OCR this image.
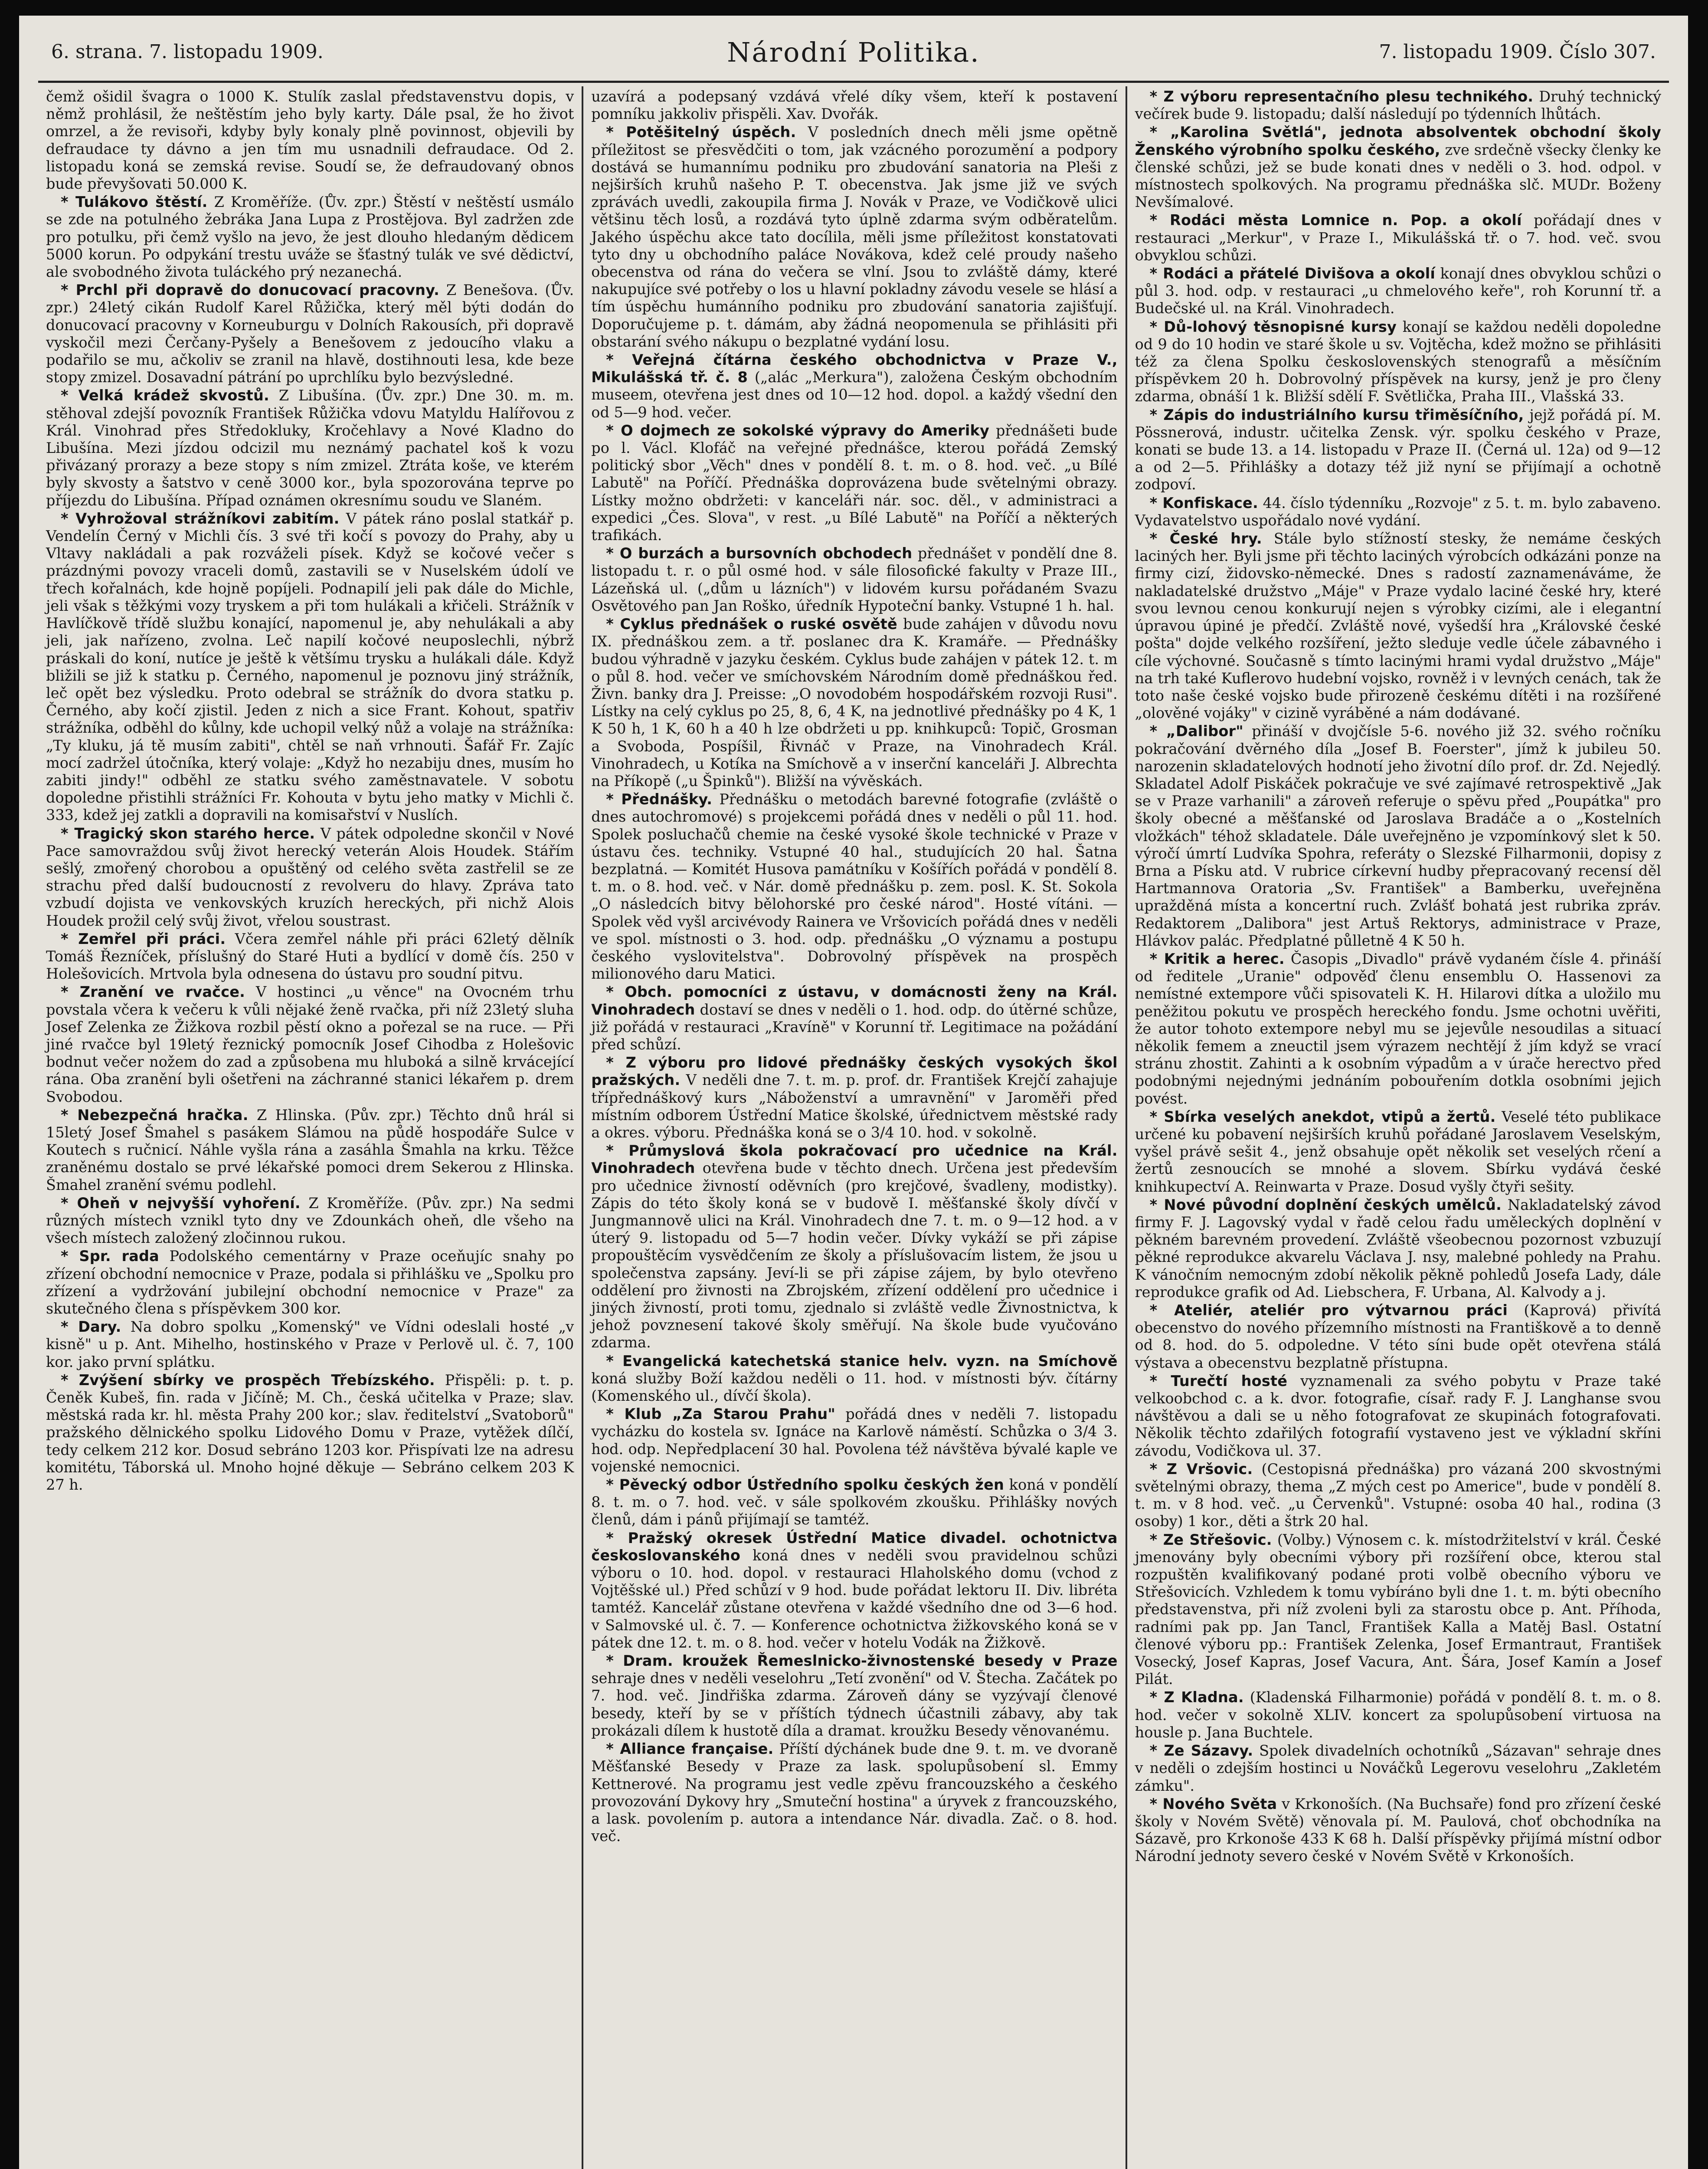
6. strana. 7. listopadu 1909.	Národní Politika.	7. listopadu 1909. Číslo 307.

čemž ošidil švagra o 1000 K. Stulík zaslal představenstvu dopis, v němž prohlásil, že neštěstím jeho byly karty. Dále psal, že ho život omrzel, a že revisoři, kdyby byly konaly plně povinnost, objevili by defraudace ty dávno a jen tím mu usnadnili defraudace. Od 2. listopadu koná se zemská revise. Soudí se, že defraudovaný obnos bude převyšovati 50.000 K.

* Tulákovo štěstí. Z Kroměříže. (Ův. zpr.) Štěstí v neštěstí usmálo se zde na potulného žebráka Jana Lupa z Prostějova. Byl zadržen zde pro potulku, při čemž vyšlo na jevo, že jest dlouho hledaným dědicem 5000 korun. Po odpykání trestu uváže se šťastný tulák ve své dědictví, ale svobodného života tuláckého prý nezanechá.

* Prchl při dopravě do donucovací pracovny. Z Benešova. (Ův. zpr.) 24letý cikán Rudolf Karel Růžička, který měl býti dodán do donucovací pracovny v Korneuburgu v Dolních Rakousích, při dopravě vyskočil mezi Čerčany-Pyšely a Benešovem z jedoucího vlaku a podařilo se mu, ačkoliv se zranil na hlavě, dostihnouti lesa, kde beze stopy zmizel. Dosavadní pátrání po uprchlíku bylo bezvýsledné.

* Velká krádež skvostů. Z Libušína. (Ův. zpr.) Dne 30. m. m. stěhoval zdejší povozník František Růžička vdovu Matyldu Halířovou z Král. Vinohrad přes Středokluky, Kročehlavy a Nové Kladno do Libušína. Mezi jízdou odcizil mu neznámý pachatel koš k vozu přivázaný prorazy a beze stopy s ním zmizel. Ztráta koše, ve kterém byly skvosty a šatstvo v ceně 3000 kor., byla spozorována teprve po příjezdu do Libušína. Případ oznámen okresnímu soudu ve Slaném.

* Vyhrožoval strážníkovi zabitím. V pátek ráno poslal statkář p. Vendelín Černý v Michli čís. 3 své tři kočí s povozy do Prahy, aby u Vltavy nakládali a pak rozváželi písek. Když se kočové večer s prázdnými povozy vraceli domů, zastavili se v Nuselském údolí ve třech kořalnách, kde hojně popíjeli. Podnapilí jeli pak dále do Michle, jeli však s těžkými vozy tryskem a při tom hulákali a křičeli. Strážník v Havlíčkově třídě službu konající, napomenul je, aby nehulákali a aby jeli, jak nařízeno, zvolna. Leč napilí kočové neuposlechli, nýbrž práskali do koní, nutíce je ještě k většímu trysku a hulákali dále. Když bližili se již k statku p. Černého, napomenul je poznovu jiný strážník, leč opět bez výsledku. Proto odebral se strážník do dvora statku p. Černého, aby kočí zjistil. Jeden z nich a sice Frant. Kohout, spatřiv strážníka, odběhl do kůlny, kde uchopil velký nůž a volaje na strážníka: „Ty kluku, já tě musím zabiti", chtěl se naň vrhnouti. Šafář Fr. Zajíc mocí zadržel útočníka, který volaje: „Když ho nezabiju dnes, musím ho zabiti jindy!" odběhl ze statku svého zaměstnavatele. V sobotu dopoledne přistihli strážníci Fr. Kohouta v bytu jeho matky v Michli č. 333, kdež jej zatkli a dopravili na komisařství v Nuslích.

* Tragický skon starého herce. V pátek odpoledne skončil v Nové Pace samovraždou svůj život herecký veterán Alois Houdek. Stářím sešlý, zmořený chorobou a opuštěný od celého světa zastřelil se ze strachu před další budoucností z revolveru do hlavy. Zpráva tato vzbudí dojista ve venkovských kruzích hereckých, při nichž Alois Houdek prožil celý svůj život, vřelou soustrast.

* Zemřel při práci. Včera zemřel náhle při práci 62letý dělník Tomáš Řezníček, příslušný do Staré Huti a bydlící v domě čís. 250 v Holešovicích. Mrtvola byla odnesena do ústavu pro soudní pitvu.

* Zranění ve rvačce. V hostinci „u věnce" na Ovocném trhu povstala včera k večeru k vůli nějaké ženě rvačka, při níž 23letý sluha Josef Zelenka ze Žižkova rozbil pěstí okno a pořezal se na ruce. — Při jiné rvačce byl 19letý řeznický pomocník Josef Cihodba z Holešovic bodnut večer nožem do zad a způsobena mu hluboká a silně krvácející rána. Oba zranění byli ošetřeni na záchranné stanici lékařem p. drem Svobodou.

* Nebezpečná hračka. Z Hlinska. (Pův. zpr.) Těchto dnů hrál si 15letý Josef Šmahel s pasákem Slámou na půdě hospodáře Sulce v Koutech s ručnicí. Náhle vyšla rána a zasáhla Šmahla na krku. Těžce zraněnému dostalo se prvé lékařské pomoci drem Sekerou z Hlinska. Šmahel zranění svému podlehl.

* Oheň v nejvyšší vyhoření. Z Kroměříže. (Pův. zpr.) Na sedmi různých místech vznikl tyto dny ve Zdounkách oheň, dle všeho na všech místech založený zločinnou rukou.

* Spr. rada Podolského cementárny v Praze oceňujíc snahy po zřízení obchodní nemocnice v Praze, podala si přihlášku ve „Spolku pro zřízení a vydržování jubilejní obchodní nemocnice v Praze" za skutečného člena s příspěvkem 300 kor.

* Dary. Na dobro spolku „Komenský" ve Vídni odeslali hosté „v kisně" u p. Ant. Mihelho, hostinského v Praze v Perlově ul. č. 7, 100 kor. jako první splátku.

* Zvýšení sbírky ve prospěch Třebízského. Přispěli: p. t. p. Čeněk Kubeš, fin. rada v Jičíně; M. Ch., česká učitelka v Praze; slav. městská rada kr. hl. města Prahy 200 kor.; slav. ředitelství „Svatoborů" pražského dělnického spolku Lidového Domu v Praze, vytěžek dílčí, tedy celkem 212 kor. Dosud sebráno 1203 kor. Přispívati lze na adresu komitétu, Táborská ul. Mnoho hojné děkuje — Sebráno celkem 203 K 27 h.

uzavírá a podepsaný vzdává vřelé díky všem, kteří k postavení pomníku jakkoliv přispěli. Xav. Dvořák.

* Potěšitelný úspěch. V posledních dnech měli jsme opětně příležitost se přesvědčiti o tom, jak vzácného porozumění a podpory dostává se humannímu podniku pro zbudování sanatoria na Pleši z nejširších kruhů našeho P. T. obecenstva. Jak jsme již ve svých zprávách uvedli, zakoupila firma J. Novák v Praze, ve Vodičkově ulici většinu těch losů, a rozdává tyto úplně zdarma svým odběratelům. Jakého úspěchu akce tato docílila, měli jsme příležitost konstatovati tyto dny u obchodního paláce Novákova, kdež celé proudy našeho obecenstva od rána do večera se vlní. Jsou to zvláště dámy, které nakupujíce své potřeby o los u hlavní pokladny závodu vesele se hlásí a tím úspěchu humánního podniku pro zbudování sanatoria zajišťují. Doporučujeme p. t. dámám, aby žádná neopomenula se přihlásiti při obstarání svého nákupu o bezplatné vydání losu.

* Veřejná čítárna českého obchodnictva v Praze V., Mikulášská tř. č. 8 („alác „Merkura"), založena Českým obchodním museem, otevřena jest dnes od 10—12 hod. dopol. a každý všední den od 5—9 hod. večer.

* O dojmech ze sokolské výpravy do Ameriky přednášeti bude po l. Václ. Klofáč na veřejné přednášce, kterou pořádá Zemský politický sbor „Věch" dnes v pondělí 8. t. m. o 8. hod. več. „u Bílé Labutě" na Poříčí. Přednáška doprovázena bude světelnými obrazy. Lístky možno obdržeti: v kanceláři nár. soc. děl., v administraci a expedici „Čes. Slova", v rest. „u Bílé Labutě" na Poříčí a některých trafikách.

* O burzách a bursovních obchodech přednášet v pondělí dne 8. listopadu t. r. o půl osmé hod. v sále filosofické fakulty v Praze III., Lázeňská ul. („dům u lázních") v lidovém kursu pořádaném Svazu Osvětového pan Jan Roško, úředník Hypoteční banky. Vstupné 1 h. hal.

* Cyklus přednášek o ruské osvětě bude zahájen v důvodu novu IX. přednáškou zem. a tř. poslanec dra K. Kramáře. — Přednášky budou výhradně v jazyku českém. Cyklus bude zahájen v pátek 12. t. m o půl 8. hod. večer ve smíchovském Národním domě přednáškou řed. Živn. banky dra J. Preisse: „O novodobém hospodářském rozvoji Rusi". Lístky na celý cyklus po 25, 8, 6, 4 K, na jednotlivé přednášky po 4 K, 1 K 50 h, 1 K, 60 h a 40 h lze obdržeti u pp. knihkupců: Topič, Grosman a Svoboda, Pospíšil, Řivnáč v Praze, na Vinohradech Král. Vinohradech, u Kotíka na Smíchově a v inserční kanceláři J. Albrechta na Příkopě („u Špinků"). Bližší na vývěskách.

* Přednášky. Přednášku o metodách barevné fotografie (zvláště o dnes autochromové) s projekcemi pořádá dnes v neděli o půl 11. hod. Spolek posluchačů chemie na české vysoké škole technické v Praze v ústavu čes. techniky. Vstupné 40 hal., studujících 20 hal. Šatna bezplatná. — Komitét Husova památníku v Košířích pořádá v pondělí 8. t. m. o 8. hod. več. v Nár. domě přednášku p. zem. posl. K. St. Sokola „O následcích bitvy bělohorské pro české národ". Hosté vítáni. — Spolek věd vyšl arcivévody Rainera ve Vršovicích pořádá dnes v neděli ve spol. místnosti o 3. hod. odp. přednášku „O významu a postupu českého vyslovitelstva". Dobrovolný příspěvek na prospěch milionového daru Matici.

* Obch. pomocníci z ústavu, v domácnosti ženy na Král. Vinohradech dostaví se dnes v neděli o 1. hod. odp. do útěrné schůze, již pořádá v restauraci „Kravíně" v Korunní tř. Legitimace na požádání před schůzí.

* Z výboru pro lidové přednášky českých vysokých škol pražských. V neděli dne 7. t. m. p. prof. dr. František Krejčí zahajuje třípřednáškový kurs „Náboženství a umravnění" v Jaroměři před místním odborem Ústřední Matice školské, úřednictvem městské rady a okres. výboru. Přednáška koná se o 3/4 10. hod. v sokolně.

* Průmyslová škola pokračovací pro učednice na Král. Vinohradech otevřena bude v těchto dnech. Určena jest především pro učednice živností oděvních (pro krejčové, švadleny, modistky). Zápis do této školy koná se v budově I. měšťanské školy dívčí v Jungmannově ulici na Král. Vinohradech dne 7. t. m. o 9—12 hod. a v úterý 9. listopadu od 5—7 hodin večer. Dívky vykáží se při zápise propouštěcím vysvědčením ze školy a příslušovacím listem, že jsou u společenstva zapsány. Jeví-li se při zápise zájem, by bylo otevřeno oddělení pro živnosti na Zbrojském, zřízení oddělení pro učednice i jiných živností, proti tomu, zjednalo si zvláště vedle Živnostnictva, k jehož povznesení takové školy směřují. Na škole bude vyučováno zdarma.

* Evangelická katechetská stanice helv. vyzn. na Smíchově koná služby Boží každou neděli o 11. hod. v místnosti býv. čítárny (Komenského ul., dívčí škola).

* Klub „Za Starou Prahu" pořádá dnes v neděli 7. listopadu vycházku do kostela sv. Ignáce na Karlově náměstí. Schůzka o 3/4 3. hod. odp. Nepředplacení 30 hal. Povolena též návštěva bývalé kaple ve vojenské nemocnici.

* Pěvecký odbor Ústředního spolku českých žen koná v pondělí 8. t. m. o 7. hod. več. v sále spolkovém zkoušku. Přihlášky nových členů, dám i pánů přijímají se tamtéž.

* Pražský okresek Ústřední Matice divadel. ochotnictva českoslovanského koná dnes v neděli svou pravidelnou schůzi výboru o 10. hod. dopol. v restauraci Hlaholského domu (vchod z Vojtěšské ul.) Před schůzí v 9 hod. bude pořádat lektoru II. Div. libréta tamtéž. Kancelář zůstane otevřena v každé všedního dne od 3—6 hod. v Salmovské ul. č. 7. — Konference ochotnictva žižkovského koná se v pátek dne 12. t. m. o 8. hod. večer v hotelu Vodák na Žižkově.

* Dram. kroužek Řemeslnicko-živnostenské besedy v Praze sehraje dnes v neděli veselohru „Tetí zvonění" od V. Štecha. Začátek po 7. hod. več. Jindřiška zdarma. Zároveň dány se vyzývají členové besedy, kteří by se v příštích týdnech účastnili zábavy, aby tak prokázali dílem k hustotě díla a dramat. kroužku Besedy věnovanému.

* Alliance française. Příští dýchánek bude dne 9. t. m. ve dvoraně Měšťanské Besedy v Praze za lask. spolupůsobení sl. Emmy Kettnerové. Na programu jest vedle zpěvu francouzského a českého provozování Dykovy hry „Smuteční hostina" a úryvek z francouzského, a lask. povolením p. autora a intendance Nár. divadla. Zač. o 8. hod. več.

* Z výboru representačního plesu technikého. Druhý technický večírek bude 9. listopadu; další následují po týdenních lhůtách.

* „Karolina Světlá", jednota absolventek obchodní školy Ženského výrobního spolku českého, zve srdečně všecky členky ke členské schůzi, jež se bude konati dnes v neděli o 3. hod. odpol. v místnostech spolkových. Na programu přednáška slč. MUDr. Boženy Nevšímalové.

* Rodáci města Lomnice n. Pop. a okolí pořádají dnes v restauraci „Merkur", v Praze I., Mikulášská tř. o 7. hod. več. svou obvyklou schůzi.

* Rodáci a přátelé Divišova a okolí konají dnes obvyklou schůzi o půl 3. hod. odp. v restauraci „u chmelového keře", roh Korunní tř. a Budečské ul. na Král. Vinohradech.

* Dů-lohový těsnopisné kursy konají se každou neděli dopoledne od 9 do 10 hodin ve staré škole u sv. Vojtěcha, kdež možno se přihlásiti též za člena Spolku československých stenografů a měsíčním příspěvkem 20 h. Dobrovolný příspěvek na kursy, jenž je pro členy zdarma, obnáší 1 k. Bližší sdělí F. Světlička, Praha III., Vlašská 33.

* Zápis do industriálního kursu třiměsíčního, jejž pořádá pí. M. Pössnerová, industr. učitelka Zensk. výr. spolku českého v Praze, konati se bude 13. a 14. listopadu v Praze II. (Černá ul. 12a) od 9—12 a od 2—5. Přihlášky a dotazy též již nyní se přijímají a ochotně zodpoví.

* Konfiskace. 44. číslo týdenníku „Rozvoje" z 5. t. m. bylo zabaveno. Vydavatelstvo uspořádalo nové vydání.

* České hry. Stále bylo stížností stesky, že nemáme českých laciných her. Byli jsme při těchto laciných výrobcích odkázáni ponze na firmy cizí, židovsko-německé. Dnes s radostí zaznamenáváme, že nakladatelské družstvo „Máje" v Praze vydalo laciné české hry, které svou levnou cenou konkurují nejen s výrobky cizími, ale i elegantní úpravou úpiné je předčí. Zvláště nové, vyšedší hra „Královské české pošta" dojde velkého rozšíření, ježto sleduje vedle účele zábavného i cíle výchovné. Současně s tímto lacinými hrami vydal družstvo „Máje" na trh také Kuflerovo hudební vojsko, rovněž i v levných cenách, tak že toto naše české vojsko bude přirozeně českému dítěti i na rozšířené „olověné vojáky" v cizině vyráběné a nám dodávané.

* „Dalibor" přináší v dvojčísle 5-6. nového již 32. svého ročníku pokračování dvěrného díla „Josef B. Foerster", jímž k jubileu 50. narozenin skladatelových hodnotí jeho životní dílo prof. dr. Zd. Nejedlý. Skladatel Adolf Piskáček pokračuje ve své zajímavé retrospektivě „Jak se v Praze varhanili" a zároveň referuje o spěvu před „Poupátka" pro školy obecné a měšťanské od Jaroslava Bradáče a o „Kostelních vložkách" téhož skladatele. Dále uveřejněno je vzpomínkový slet k 50. výročí úmrtí Ludvíka Spohra, referáty o Slezské Filharmonii, dopisy z Brna a Písku atd. V rubrice církevní hudby přepracovaný recensí děl Hartmannova Oratoria „Sv. František" a Bamberku, uveřejněna upražděná místa a koncertní ruch. Zvlášť bohatá jest rubrika zpráv. Redaktorem „Dalibora" jest Artuš Rektorys, administrace v Praze, Hlávkov palác. Předplatné půlletně 4 K 50 h.

* Kritik a herec. Časopis „Divadlo" právě vydaném čísle 4. přináší od ředitele „Uranie" odpověď členu ensemblu O. Hassenovi za nemístné extempore vůči spisovateli K. H. Hilarovi dítka a uložilo mu peněžitou pokutu ve prospěch hereckého fondu. Jsme ochotni uvěřiti, že autor tohoto extempore nebyl mu se jejevůle nesoudilas a situací několik femem a zneuctil jsem výrazem nechtějí ž jím když se vrací stránu zhostit. Zahinti a k osobním výpadům a v úrače herectvo před podobnými nejednými jednáním pobouřením dotkla osobními jejich povést.

* Sbírka veselých anekdot, vtipů a žertů. Veselé této publikace určené ku pobavení nejširších kruhů pořádané Jaroslavem Veselským, vyšel právě sešit 4., jenž obsahuje opět několik set veselých rčení a žertů zesnoucích se mnohé a slovem. Sbírku vydává české knihkupectví A. Reinwarta v Praze. Dosud vyšly čtyři sešity.

* Nové původní doplnění českých umělců. Nakladatelský závod firmy F. J. Lagovský vydal v řadě celou řadu uměleckých doplnění v pěkném barevném provedení. Zvláště všeobecnou pozornost vzbuzují pěkné reprodukce akvarelu Václava J. nsy, malebné pohledy na Prahu. K vánočním nemocným zdobí několik pěkně pohledů Josefa Lady, dále reprodukce grafik od Ad. Liebschera, F. Urbana, Al. Kalvody a j.

* Ateliér, ateliér pro výtvarnou práci (Kaprová) přivítá obecenstvo do nového přízemního místnosti na Františkově a to denně od 8. hod. do 5. odpoledne. V této síni bude opět otevřena stálá výstava a obecenstvu bezplatně přístupna.

* Turečtí hosté vyznamenali za svého pobytu v Praze také velkoobchod c. a k. dvor. fotografie, císař. rady F. J. Langhanse svou návštěvou a dali se u něho fotografovat ze skupinách fotografovati. Několik těchto zdařilých fotografií vystaveno jest ve výkladní skříni závodu, Vodičkova ul. 37.

* Z Vršovic. (Cestopisná přednáška) pro vázaná 200 skvostnými světelnými obrazy, thema „Z mých cest po Americe", bude v pondělí 8. t. m. v 8 hod. več. „u Červenků". Vstupné: osoba 40 hal., rodina (3 osoby) 1 kor., děti a štrk 20 hal.

* Ze Střešovic. (Volby.) Výnosem c. k. místodržitelství v král. České jmenovány byly obecními výbory při rozšíření obce, kterou stal rozpuštěn kvalifikovaný podané proti volbě obecního výboru ve Střešovicích. Vzhledem k tomu vybíráno byli dne 1. t. m. býti obecního představenstva, při níž zvoleni byli za starostu obce p. Ant. Příhoda, radními pak pp. Jan Tancl, František Kalla a Matěj Basl. Ostatní členové výboru pp.: František Zelenka, Josef Ermantraut, František Vosecký, Josef Kapras, Josef Vacura, Ant. Šára, Josef Kamín a Josef Pilát.

* Z Kladna. (Kladenská Filharmonie) pořádá v pondělí 8. t. m. o 8. hod. večer v sokolně XLIV. koncert za spolupůsobení virtuosa na housle p. Jana Buchtele.

* Ze Sázavy. Spolek divadelních ochotníků „Sázavan" sehraje dnes v neděli o zdejším hostinci u Nováčků Legerovu veselohru „Zakletém zámku".

* Nového Světa v Krkonoších. (Na Buchsaře) fond pro zřízení české školy v Novém Světě) věnovala pí. M. Paulová, choť obchodníka na Sázavě, pro Krkonoše 433 K 68 h. Další příspěvky přijímá místní odbor Národní jednoty severo české v Novém Světě v Krkonoších.
